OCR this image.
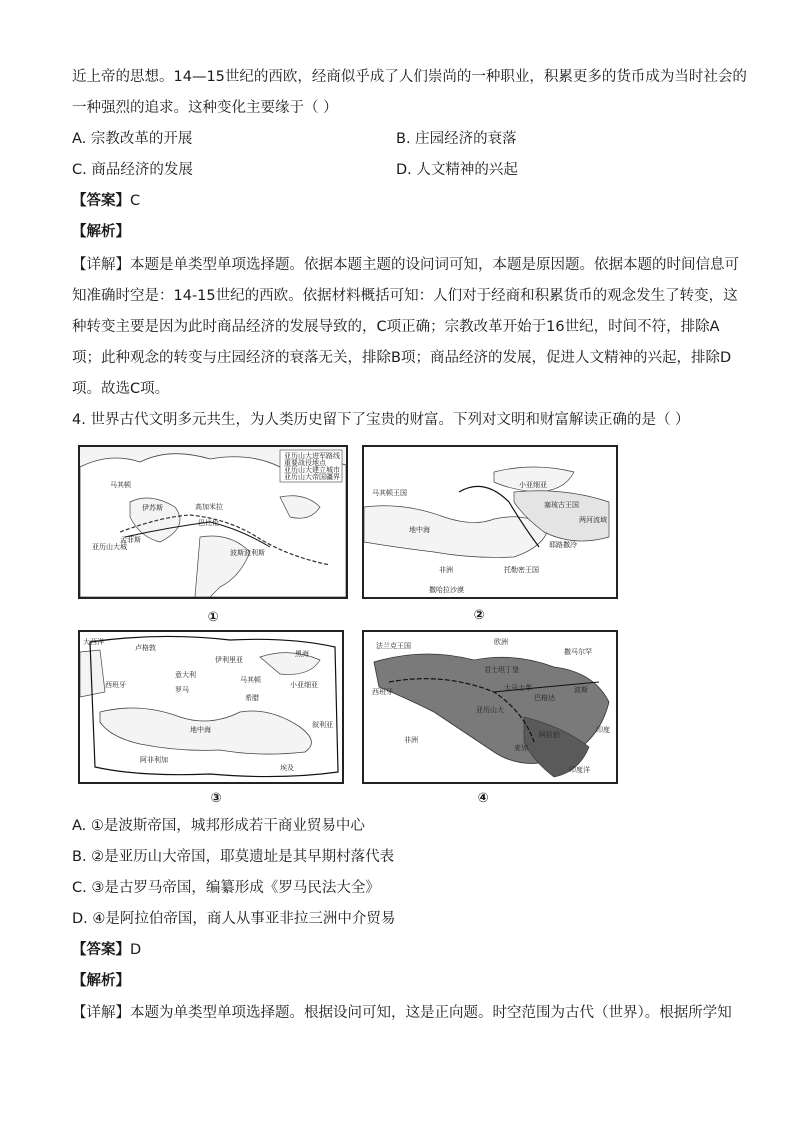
近上帝的思想。14—15世纪的西欧，经商似乎成了人们崇尚的一种职业，积累更多的货币成为当时社会的
一种强烈的追求。这种变化主要缘于（ ）
A. 宗教改革的开展	B. 庄园经济的衰落
C. 商品经济的发展	D. 人文精神的兴起
【答案】C
【解析】
【详解】本题是单类型单项选择题。依据本题主题的设问词可知，本题是原因题。依据本题的时间信息可
知准确时空是：14-15世纪的西欧。依据材料概括可知：人们对于经商和积累货币的观念发生了转变，这
种转变主要是因为此时商品经济的发展导致的，C项正确；宗教改革开始于16世纪，时间不符，排除A
项；此种观念的转变与庄园经济的衰落无关，排除B项；商品经济的发展，促进人文精神的兴起，排除D
项。故选C项。
4. 世界古代文明多元共生，为人类历史留下了宝贵的财富。下列对文明和财富解读正确的是（ ）
亚历山大进军路线
重要战役地点
亚历山大建立城市
亚历山大帝国疆界
马其顿
伊苏斯	高加米拉
巴比伦
波斯波利斯
孟菲斯
亚历山大城
①
马其顿王国
塞琉古王国
托勒密王国
小亚细亚
地中海
非洲
撒哈拉沙漠
耶路撒冷
两河流域
②
卢格敦
意大利
罗马
西班牙
伊利里亚
马其顿
希腊
小亚细亚
叙利亚
埃及
阿非利加
地中海
黑海
大西洋
③
欧洲
非洲
波斯
阿拉伯
印度洋
君士坦丁堡
亚历山大
麦加
巴格达
大马士革
撒马尔罕
印度
西班牙
法兰克王国
④
A. ①是波斯帝国，城邦形成若干商业贸易中心
B. ②是亚历山大帝国，耶莫遗址是其早期村落代表
C. ③是古罗马帝国，编纂形成《罗马民法大全》
D. ④是阿拉伯帝国，商人从事亚非拉三洲中介贸易
【答案】D
【解析】
【详解】本题为单类型单项选择题。根据设问可知，这是正向题。时空范围为古代（世界）。根据所学知
